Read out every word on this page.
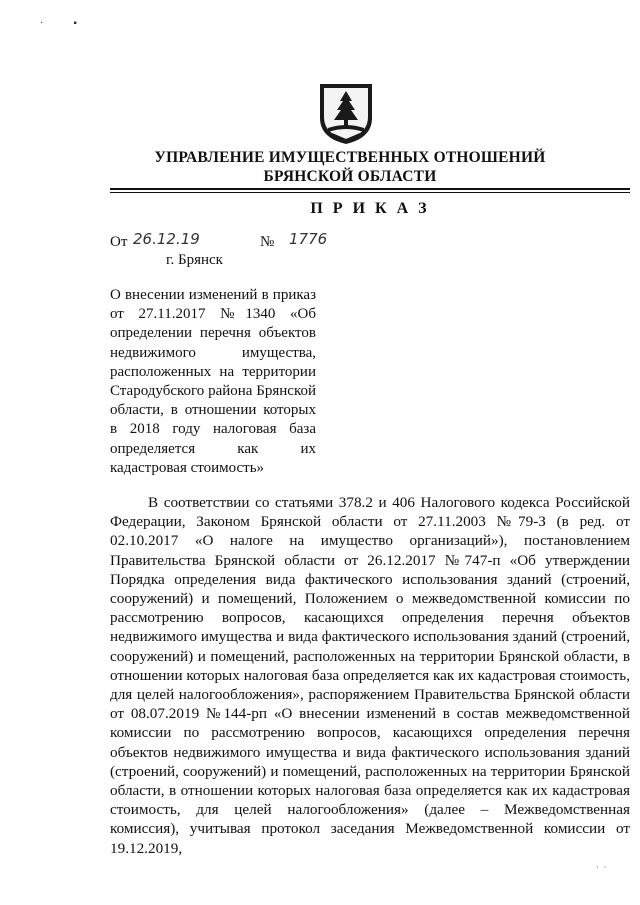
·            ▪
УПРАВЛЕНИЕ ИМУЩЕСТВЕННЫХ ОТНОШЕНИЙ
БРЯНСКОЙ ОБЛАСТИ
П Р И К А З
От 26.12.19	№ 1776
г. Брянск
О внесении изменений в приказ от 27.11.2017 №1340 «Об определении перечня объектов недвижимого имущества, расположенных на территории Стародубского района Брянской области, в отношении которых в 2018 году налоговая база определяется как их кадастровая стоимость»
В соответствии со статьями 378.2 и 406 Налогового кодекса Российской Федерации, Законом Брянской области от 27.11.2003 №79-З (в ред. от 02.10.2017 «О налоге на имущество организаций»), постановлением Правительства Брянской области от 26.12.2017 №747-п «Об утверждении Порядка определения вида фактического использования зданий (строений, сооружений) и помещений, Положением о межведомственной комиссии по рассмотрению вопросов, касающихся определения перечня объектов недвижимого имущества и вида фактического использования зданий (строений, сооружений) и помещений, расположенных на территории Брянской области, в отношении которых налоговая база определяется как их кадастровая стоимость, для целей налогообложения», распоряжением Правительства Брянской области от 08.07.2019 №144-рп «О внесении изменений в состав межведомственной комиссии по рассмотрению вопросов, касающихся определения перечня объектов недвижимого имущества и вида фактического использования зданий (строений, сооружений) и помещений, расположенных на территории Брянской области, в отношении которых налоговая база определяется как их кадастровая стоимость, для целей налогообложения» (далее – Межведомственная комиссия), учитывая протокол заседания Межведомственной комиссии от 19.12.2019,
·  ·
